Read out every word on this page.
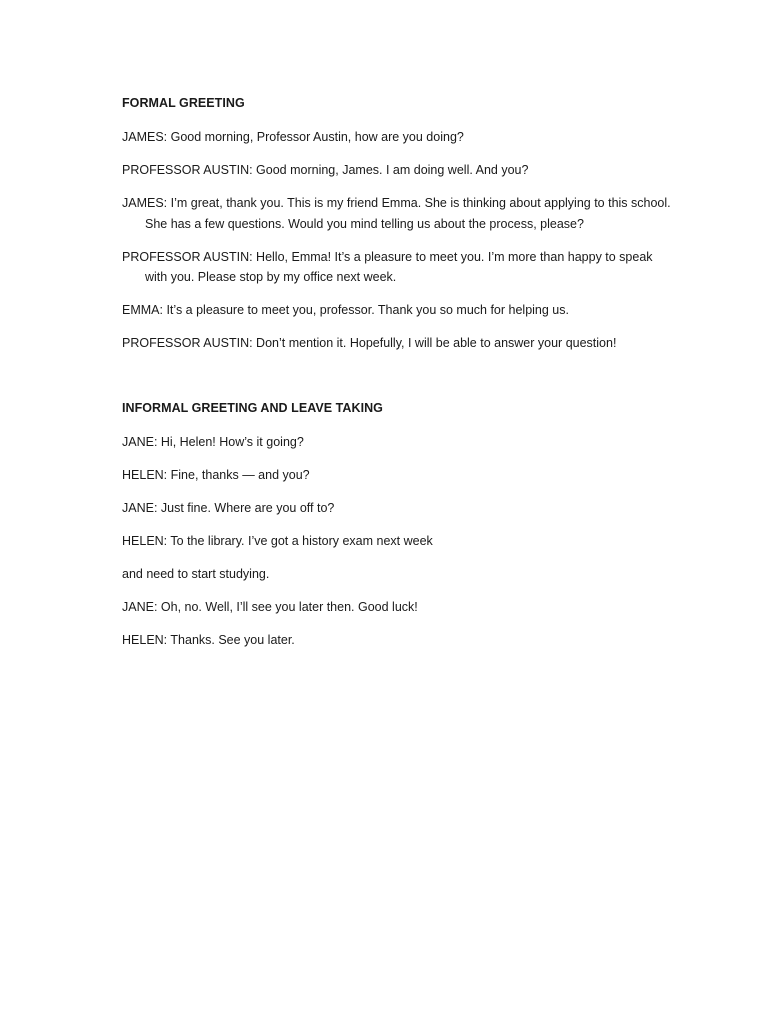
FORMAL GREETING
JAMES: Good morning, Professor Austin, how are you doing?
PROFESSOR AUSTIN: Good morning, James. I am doing well. And you?
JAMES: I’m great, thank you. This is my friend Emma. She is thinking about applying to this school. She has a few questions. Would you mind telling us about the process, please?
PROFESSOR AUSTIN: Hello, Emma! It’s a pleasure to meet you. I’m more than happy to speak with you. Please stop by my office next week.
EMMA: It’s a pleasure to meet you, professor. Thank you so much for helping us.
PROFESSOR AUSTIN: Don’t mention it. Hopefully, I will be able to answer your question!
INFORMAL GREETING AND LEAVE TAKING
JANE: Hi, Helen! How’s it going?
HELEN: Fine, thanks — and you?
JANE: Just fine. Where are you off to?
HELEN: To the library. I’ve got a history exam next week
and need to start studying.
JANE: Oh, no. Well, I’ll see you later then. Good luck!
HELEN: Thanks. See you later.
